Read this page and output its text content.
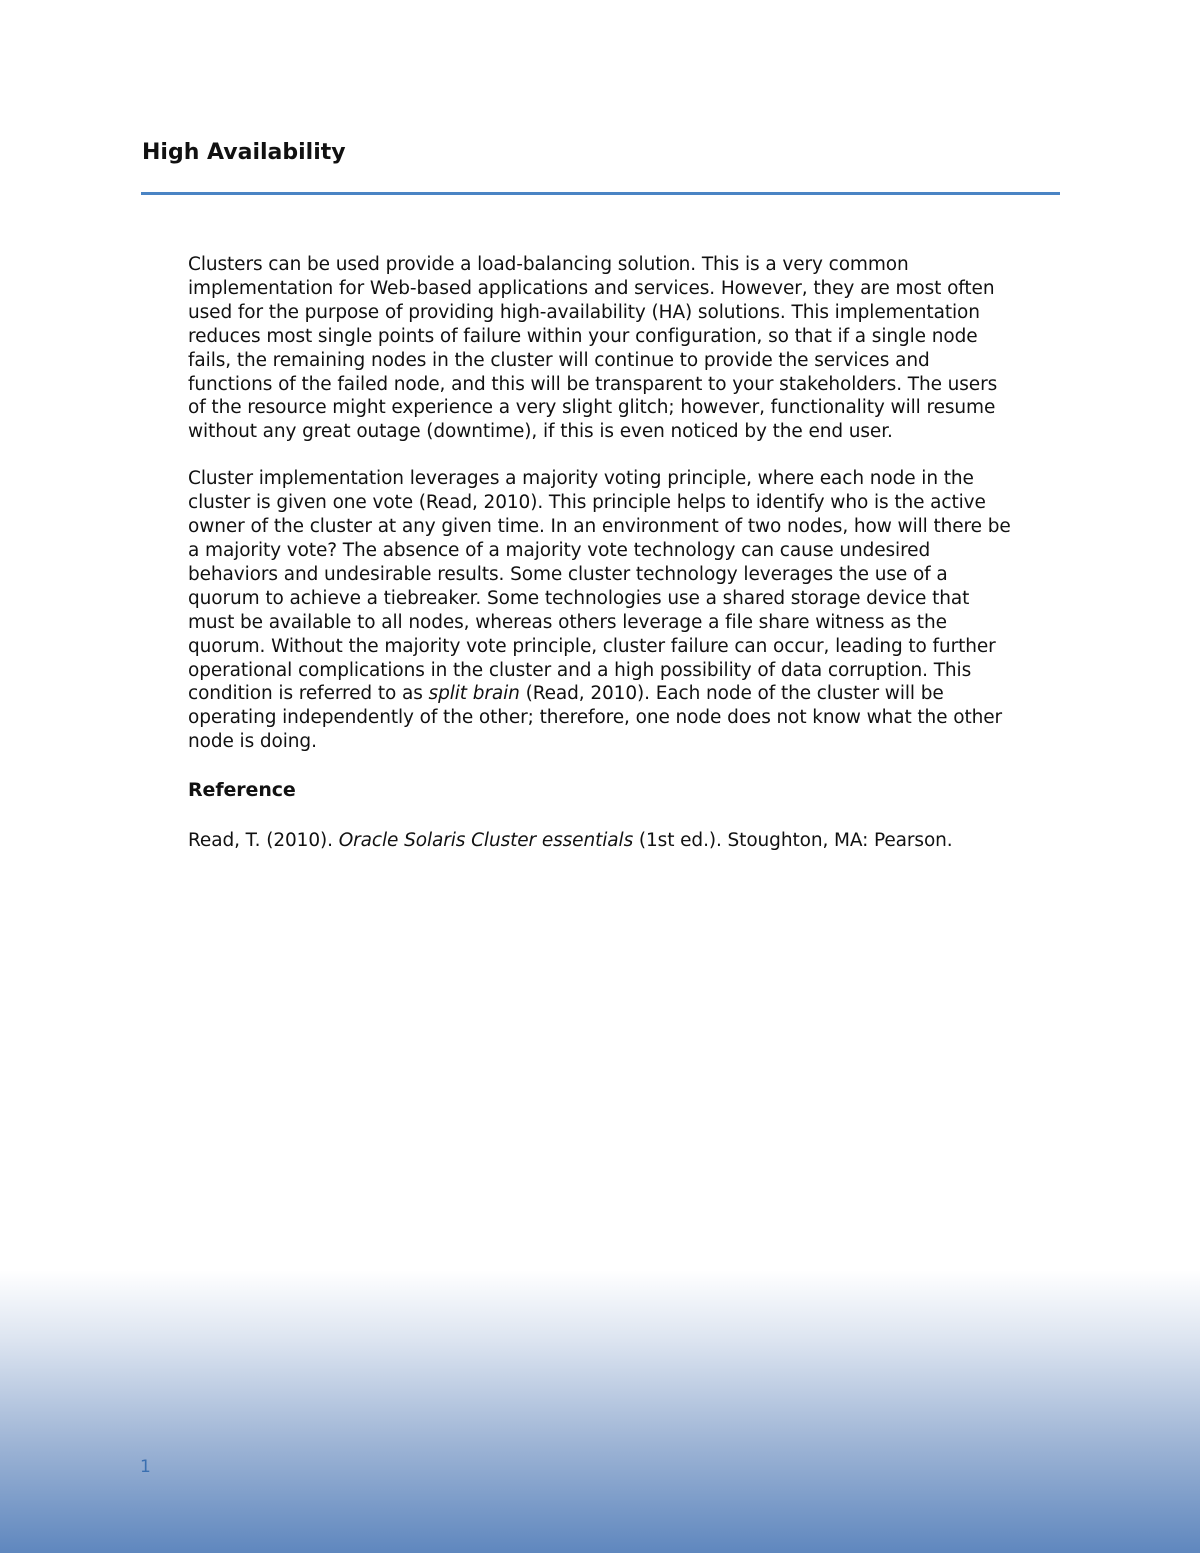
High Availability

Clusters can be used provide a load-balancing solution. This is a very common implementation for Web-based applications and services. However, they are most often used for the purpose of providing high-availability (HA) solutions. This implementation reduces most single points of failure within your configuration, so that if a single node fails, the remaining nodes in the cluster will continue to provide the services and functions of the failed node, and this will be transparent to your stakeholders. The users of the resource might experience a very slight glitch; however, functionality will resume without any great outage (downtime), if this is even noticed by the end user.

Cluster implementation leverages a majority voting principle, where each node in the cluster is given one vote (Read, 2010). This principle helps to identify who is the active owner of the cluster at any given time. In an environment of two nodes, how will there be a majority vote? The absence of a majority vote technology can cause undesired behaviors and undesirable results. Some cluster technology leverages the use of a quorum to achieve a tiebreaker. Some technologies use a shared storage device that must be available to all nodes, whereas others leverage a file share witness as the quorum. Without the majority vote principle, cluster failure can occur, leading to further operational complications in the cluster and a high possibility of data corruption. This condition is referred to as split brain (Read, 2010). Each node of the cluster will be operating independently of the other; therefore, one node does not know what the other node is doing.

Reference

Read, T. (2010). Oracle Solaris Cluster essentials (1st ed.). Stoughton, MA: Pearson.

1
